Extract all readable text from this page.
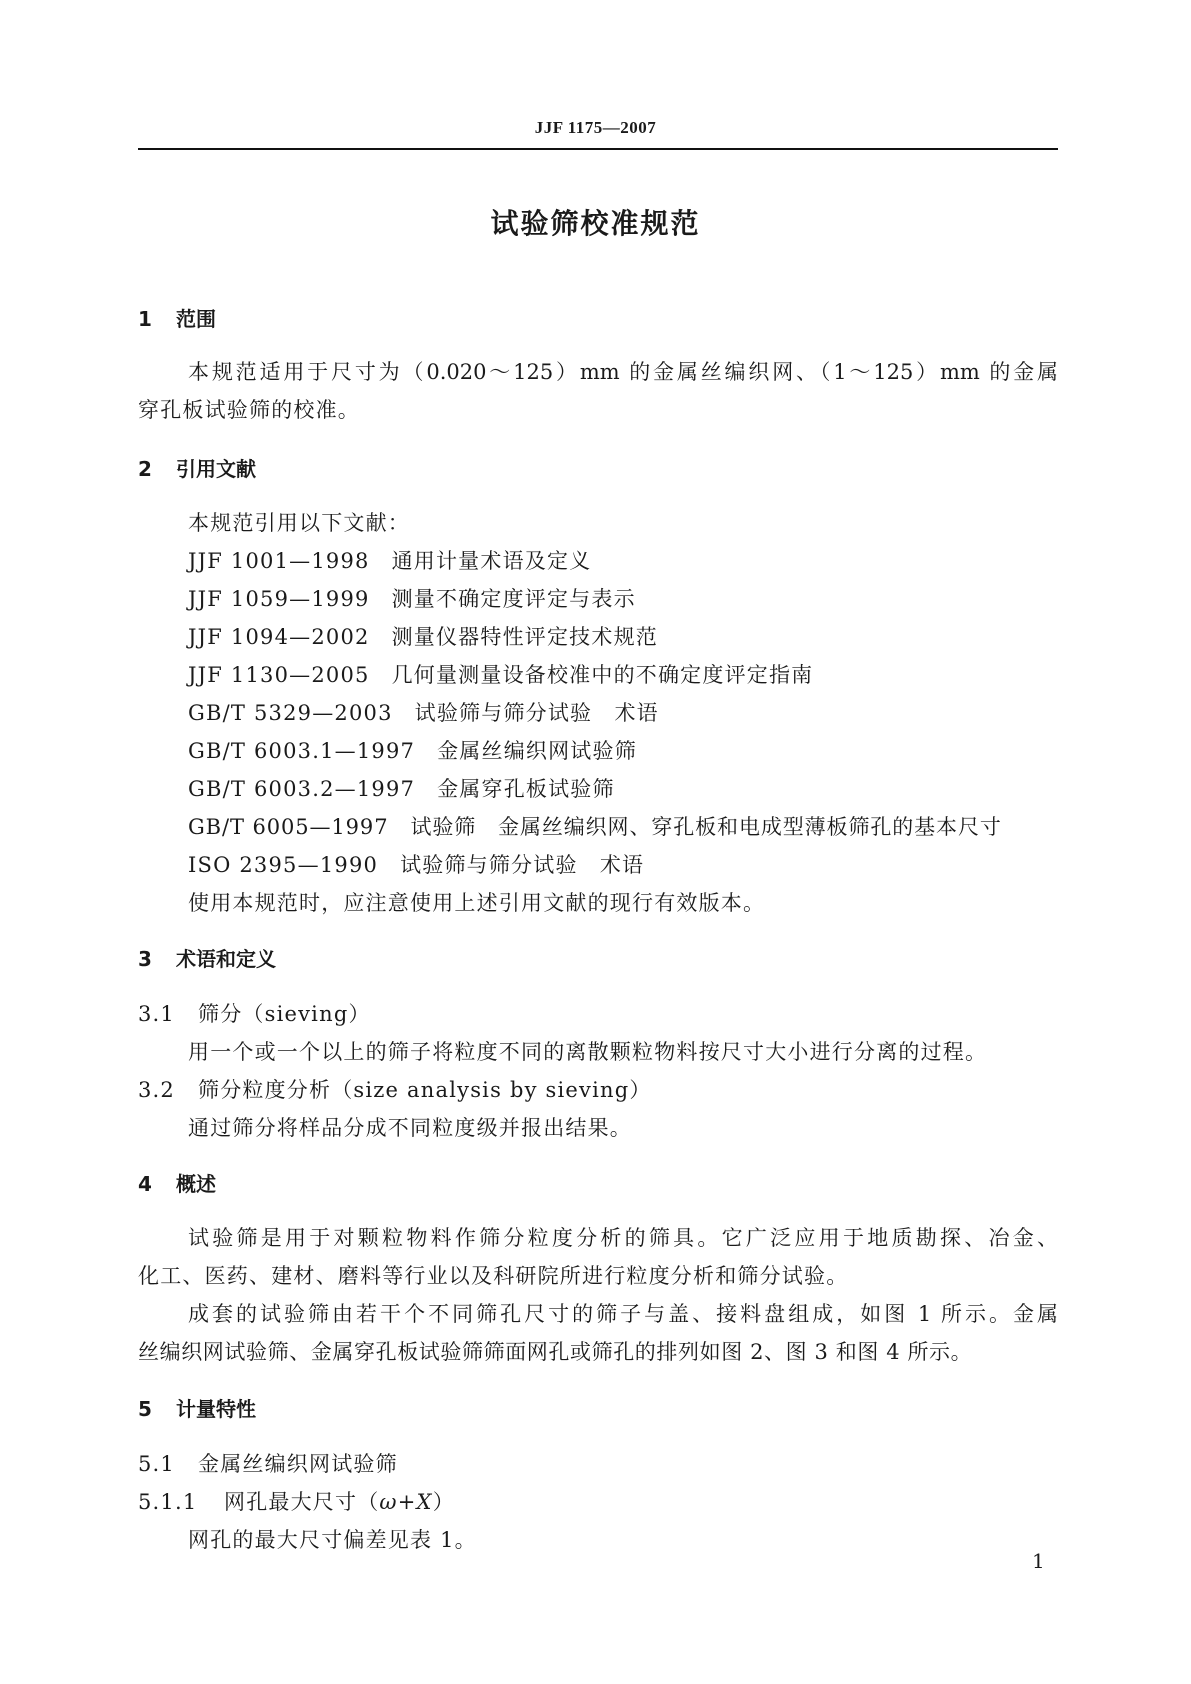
JJF 1175—2007
试验筛校准规范
1 范围
本规范适用于尺寸为（0.020～125）mm 的金属丝编织网、（1～125）mm 的金属
穿孔板试验筛的校准。
2 引用文献
本规范引用以下文献：
JJF 1001—1998 通用计量术语及定义
JJF 1059—1999 测量不确定度评定与表示
JJF 1094—2002 测量仪器特性评定技术规范
JJF 1130—2005 几何量测量设备校准中的不确定度评定指南
GB/T 5329—2003 试验筛与筛分试验　术语
GB/T 6003.1—1997 金属丝编织网试验筛
GB/T 6003.2—1997 金属穿孔板试验筛
GB/T 6005—1997 试验筛　金属丝编织网、穿孔板和电成型薄板筛孔的基本尺寸
ISO 2395—1990 试验筛与筛分试验　术语
使用本规范时，应注意使用上述引用文献的现行有效版本。
3 术语和定义
3.1 筛分（sieving）
用一个或一个以上的筛子将粒度不同的离散颗粒物料按尺寸大小进行分离的过程。
3.2 筛分粒度分析（size analysis by sieving）
通过筛分将样品分成不同粒度级并报出结果。
4 概述
试验筛是用于对颗粒物料作筛分粒度分析的筛具。它广泛应用于地质勘探、冶金、
化工、医药、建材、磨料等行业以及科研院所进行粒度分析和筛分试验。
成套的试验筛由若干个不同筛孔尺寸的筛子与盖、接料盘组成，如图 1 所示。金属
丝编织网试验筛、金属穿孔板试验筛筛面网孔或筛孔的排列如图 2、图 3 和图 4 所示。
5 计量特性
5.1 金属丝编织网试验筛
5.1.1 网孔最大尺寸（ω+X）
网孔的最大尺寸偏差见表 1。
1
